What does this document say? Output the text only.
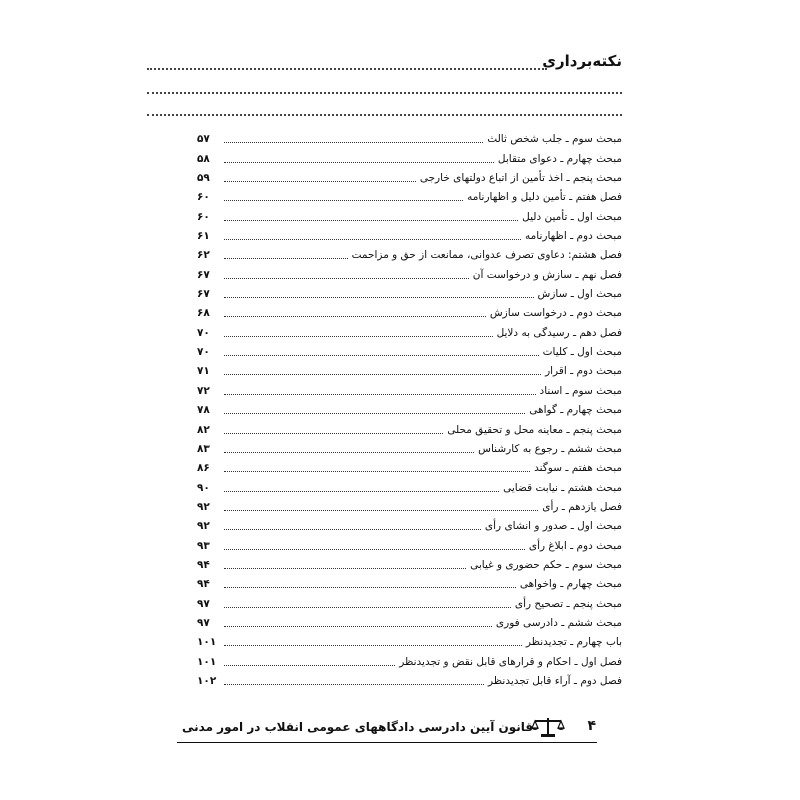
نکته‌برداری
مبحث سوم ـ جلب شخص ثالث
۵۷
مبحث چهارم ـ دعوای متقابل
۵۸
مبحث پنجم ـ اخذ تأمین از اتباع دولتهای خارجی
۵۹
فصل هفتم ـ تأمین دلیل و اظهارنامه
۶۰
مبحث اول ـ تأمین دلیل
۶۰
مبحث دوم ـ اظهارنامه
۶۱
فصل هشتم: دعاوی تصرف عدوانی، ممانعت از حق و مزاحمت
۶۲
فصل نهم ـ سازش و درخواست آن
۶۷
مبحث اول ـ سازش
۶۷
مبحث دوم ـ درخواست سازش
۶۸
فصل دهم ـ رسیدگی به دلایل
۷۰
مبحث اول ـ کلیات
۷۰
مبحث دوم ـ اقرار
۷۱
مبحث سوم ـ اسناد
۷۲
مبحث چهارم ـ گواهی
۷۸
مبحث پنجم ـ معاینه محل و تحقیق محلی
۸۲
مبحث ششم ـ رجوع به کارشناس
۸۳
مبحث هفتم ـ سوگند
۸۶
مبحث هشتم ـ نیابت قضایی
۹۰
فصل یازدهم ـ رأی
۹۲
مبحث اول ـ صدور و انشای رأی
۹۲
مبحث دوم ـ ابلاغ رأی
۹۳
مبحث سوم ـ حکم حضوری و غیابی
۹۴
مبحث چهارم ـ واخواهی
۹۴
مبحث پنجم ـ تصحیح رأی
۹۷
مبحث ششم ـ دادرسی فوری
۹۷
باب چهارم ـ تجدیدنظر
۱۰۱
فصل اول ـ احکام و قرارهای قابل نقض و تجدیدنظر
۱۰۱
فصل دوم ـ آراء قابل تجدیدنظر
۱۰۲
۴
قانون آیین دادرسی دادگاههای عمومی انقلاب در امور مدنی
